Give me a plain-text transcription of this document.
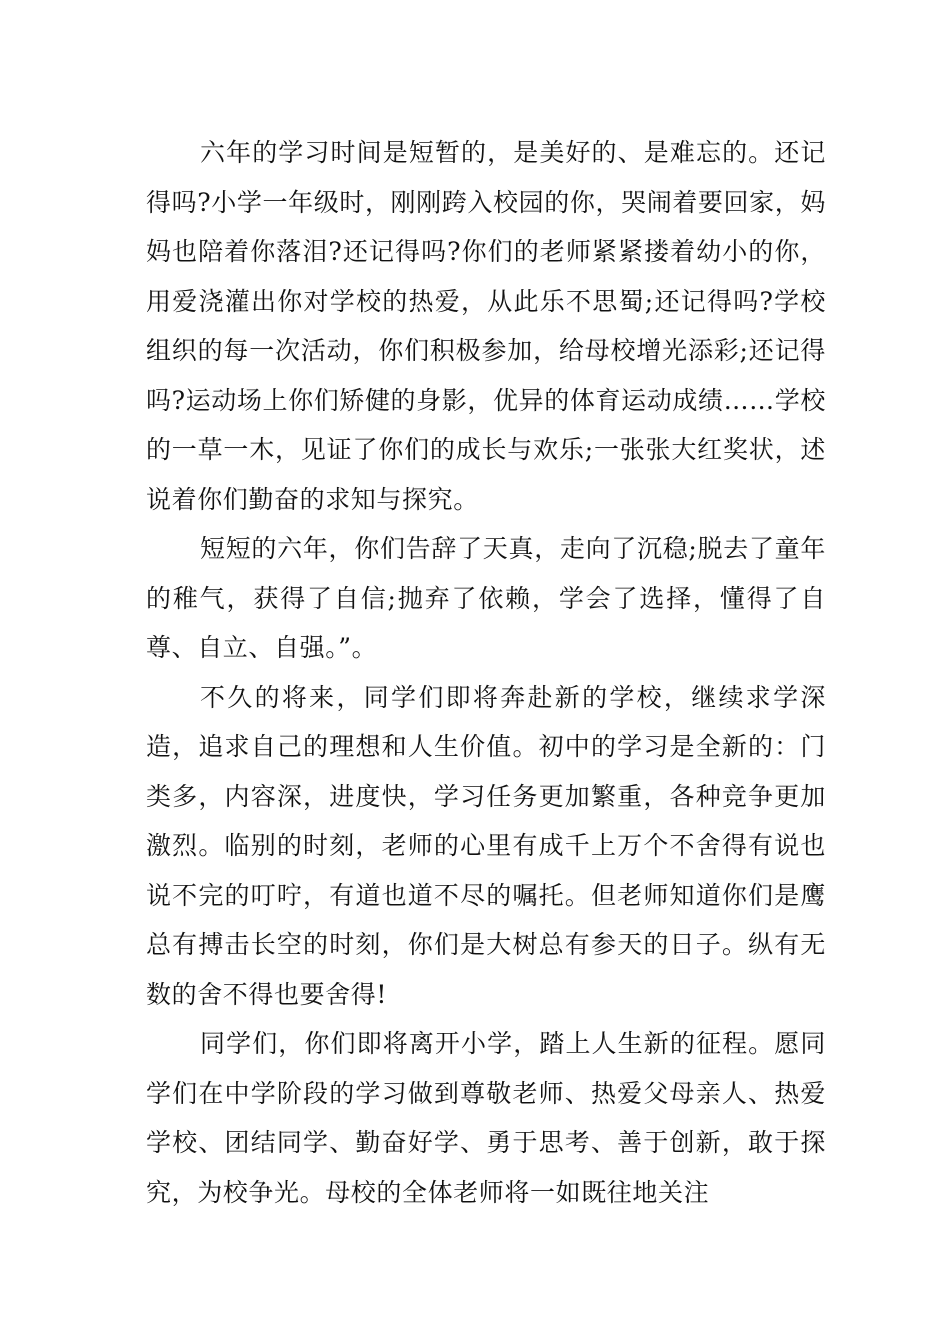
六年的学习时间是短暂的，是美好的、是难忘的。还记得吗?小学一年级时，刚刚跨入校园的你，哭闹着要回家，妈妈也陪着你落泪?还记得吗?你们的老师紧紧搂着幼小的你，用爱浇灌出你对学校的热爱，从此乐不思蜀;还记得吗?学校组织的每一次活动，你们积极参加，给母校增光添彩;还记得吗?运动场上你们矫健的身影，优异的体育运动成绩……学校的一草一木，见证了你们的成长与欢乐;一张张大红奖状，述说着你们勤奋的求知与探究。

短短的六年，你们告辞了天真，走向了沉稳;脱去了童年的稚气，获得了自信;抛弃了依赖，学会了选择，懂得了自尊、自立、自强。”。

不久的将来，同学们即将奔赴新的学校，继续求学深造，追求自己的理想和人生价值。初中的学习是全新的：门类多，内容深，进度快，学习任务更加繁重，各种竞争更加激烈。临别的时刻，老师的心里有成千上万个不舍得有说也说不完的叮咛，有道也道不尽的嘱托。但老师知道你们是鹰总有搏击长空的时刻，你们是大树总有参天的日子。纵有无数的舍不得也要舍得!

同学们，你们即将离开小学，踏上人生新的征程。愿同学们在中学阶段的学习做到尊敬老师、热爱父母亲人、热爱学校、团结同学、勤奋好学、勇于思考、善于创新，敢于探究，为校争光。母校的全体老师将一如既往地关注
